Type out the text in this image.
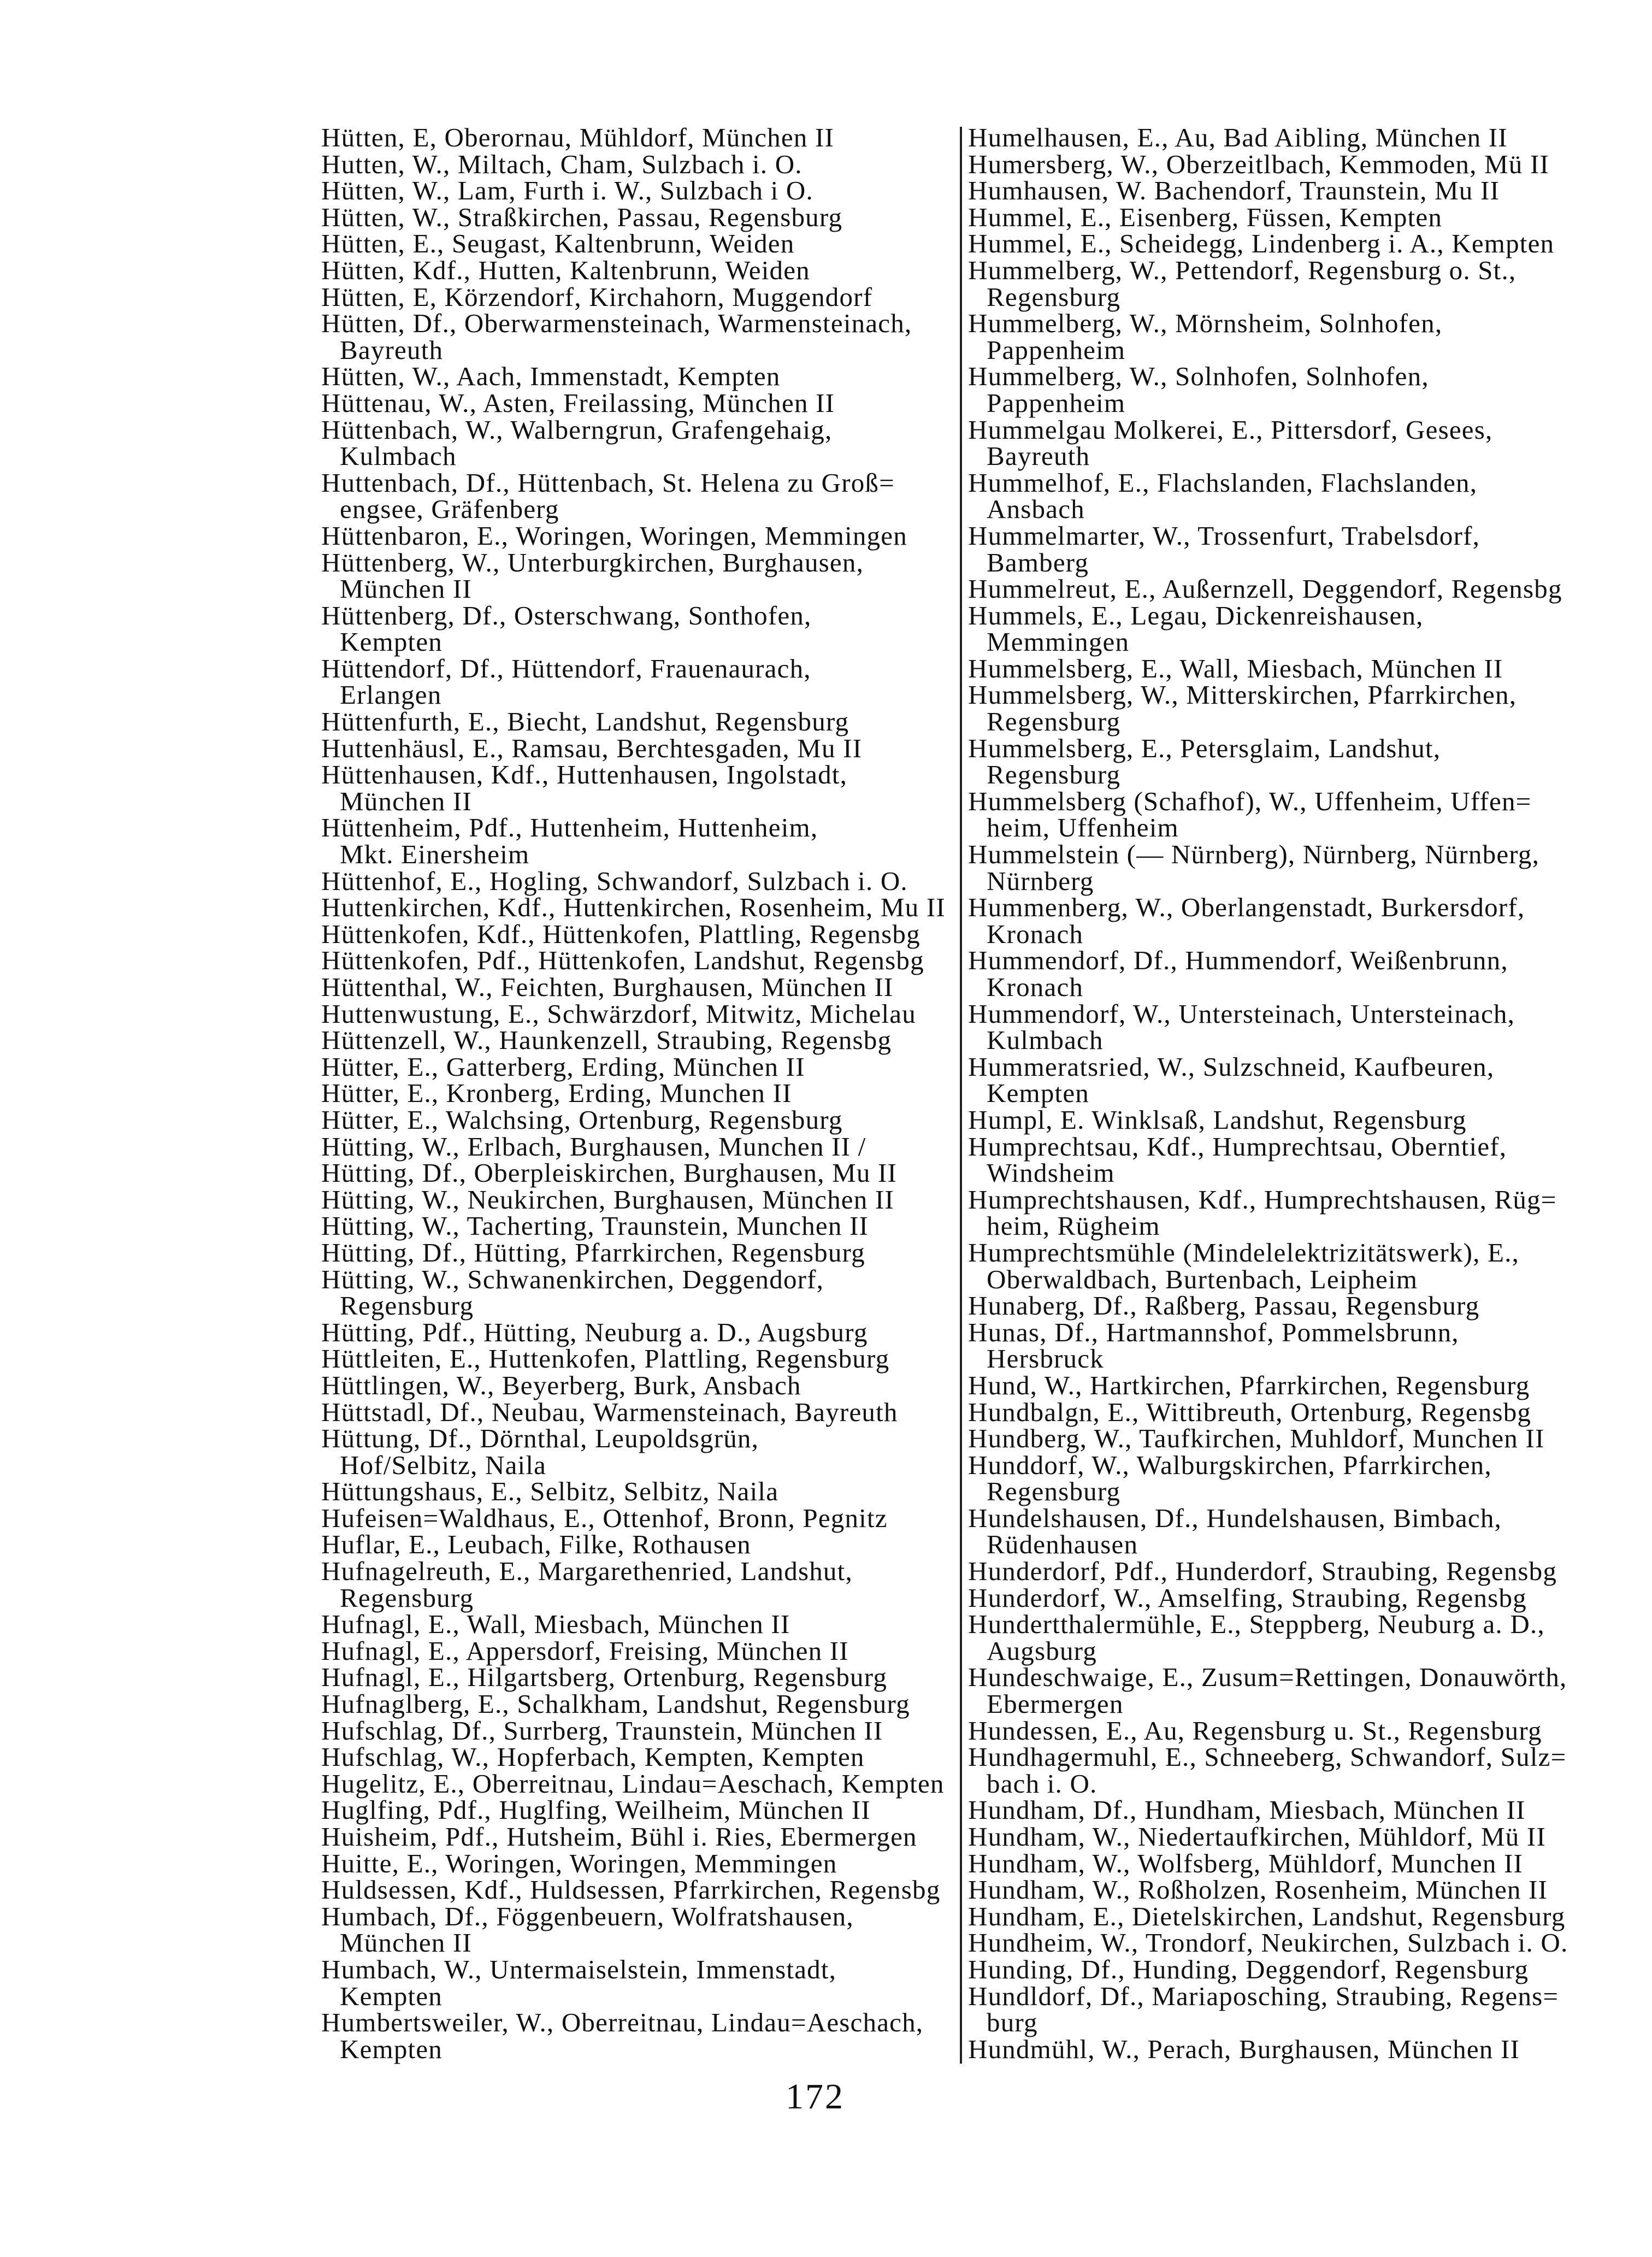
Hütten, E, Oberornau, Mühldorf, München II
Hutten, W., Miltach, Cham, Sulzbach i. O.
Hütten, W., Lam, Furth i. W., Sulzbach i O.
Hütten, W., Straßkirchen, Passau, Regensburg
Hütten, E., Seugast, Kaltenbrunn, Weiden
Hütten, Kdf., Hutten, Kaltenbrunn, Weiden
Hütten, E, Körzendorf, Kirchahorn, Muggendorf
Hütten, Df., Oberwarmensteinach, Warmensteinach,
Bayreuth
Hütten, W., Aach, Immenstadt, Kempten
Hüttenau, W., Asten, Freilassing, München II
Hüttenbach, W., Walberngrun, Grafengehaig,
Kulmbach
Huttenbach, Df., Hüttenbach, St. Helena zu Groß=
engsee, Gräfenberg
Hüttenbaron, E., Woringen, Woringen, Memmingen
Hüttenberg, W., Unterburgkirchen, Burghausen,
München II
Hüttenberg, Df., Osterschwang, Sonthofen,
Kempten
Hüttendorf, Df., Hüttendorf, Frauenaurach,
Erlangen
Hüttenfurth, E., Biecht, Landshut, Regensburg
Huttenhäusl, E., Ramsau, Berchtesgaden, Mu II
Hüttenhausen, Kdf., Huttenhausen, Ingolstadt,
München II
Hüttenheim, Pdf., Huttenheim, Huttenheim,
Mkt. Einersheim
Hüttenhof, E., Hogling, Schwandorf, Sulzbach i. O.
Huttenkirchen, Kdf., Huttenkirchen, Rosenheim, Mu II
Hüttenkofen, Kdf., Hüttenkofen, Plattling, Regensbg
Hüttenkofen, Pdf., Hüttenkofen, Landshut, Regensbg
Hüttenthal, W., Feichten, Burghausen, München II
Huttenwustung, E., Schwärzdorf, Mitwitz, Michelau
Hüttenzell, W., Haunkenzell, Straubing, Regensbg
Hütter, E., Gatterberg, Erding, München II
Hütter, E., Kronberg, Erding, Munchen II
Hütter, E., Walchsing, Ortenburg, Regensburg
Hütting, W., Erlbach, Burghausen, Munchen II /
Hütting, Df., Oberpleiskirchen, Burghausen, Mu II
Hütting, W., Neukirchen, Burghausen, München II
Hütting, W., Tacherting, Traunstein, Munchen II
Hütting, Df., Hütting, Pfarrkirchen, Regensburg
Hütting, W., Schwanenkirchen, Deggendorf,
Regensburg
Hütting, Pdf., Hütting, Neuburg a. D., Augsburg
Hüttleiten, E., Huttenkofen, Plattling, Regensburg
Hüttlingen, W., Beyerberg, Burk, Ansbach
Hüttstadl, Df., Neubau, Warmensteinach, Bayreuth
Hüttung, Df., Dörnthal, Leupoldsgrün,
Hof/Selbitz, Naila
Hüttungshaus, E., Selbitz, Selbitz, Naila
Hufeisen=Waldhaus, E., Ottenhof, Bronn, Pegnitz
Huflar, E., Leubach, Filke, Rothausen
Hufnagelreuth, E., Margarethenried, Landshut,
Regensburg
Hufnagl, E., Wall, Miesbach, München II
Hufnagl, E., Appersdorf, Freising, München II
Hufnagl, E., Hilgartsberg, Ortenburg, Regensburg
Hufnaglberg, E., Schalkham, Landshut, Regensburg
Hufschlag, Df., Surrberg, Traunstein, München II
Hufschlag, W., Hopferbach, Kempten, Kempten
Hugelitz, E., Oberreitnau, Lindau=Aeschach, Kempten
Huglfing, Pdf., Huglfing, Weilheim, München II
Huisheim, Pdf., Hutsheim, Bühl i. Ries, Ebermergen
Huitte, E., Woringen, Woringen, Memmingen
Huldsessen, Kdf., Huldsessen, Pfarrkirchen, Regensbg
Humbach, Df., Föggenbeuern, Wolfratshausen,
München II
Humbach, W., Untermaiselstein, Immenstadt,
Kempten
Humbertsweiler, W., Oberreitnau, Lindau=Aeschach,
Kempten
Humelhausen, E., Au, Bad Aibling, München II
Humersberg, W., Oberzeitlbach, Kemmoden, Mü II
Humhausen, W. Bachendorf, Traunstein, Mu II
Hummel, E., Eisenberg, Füssen, Kempten
Hummel, E., Scheidegg, Lindenberg i. A., Kempten
Hummelberg, W., Pettendorf, Regensburg o. St.,
Regensburg
Hummelberg, W., Mörnsheim, Solnhofen,
Pappenheim
Hummelberg, W., Solnhofen, Solnhofen,
Pappenheim
Hummelgau Molkerei, E., Pittersdorf, Gesees,
Bayreuth
Hummelhof, E., Flachslanden, Flachslanden,
Ansbach
Hummelmarter, W., Trossenfurt, Trabelsdorf,
Bamberg
Hummelreut, E., Außernzell, Deggendorf, Regensbg
Hummels, E., Legau, Dickenreishausen,
Memmingen
Hummelsberg, E., Wall, Miesbach, München II
Hummelsberg, W., Mitterskirchen, Pfarrkirchen,
Regensburg
Hummelsberg, E., Petersglaim, Landshut,
Regensburg
Hummelsberg (Schafhof), W., Uffenheim, Uffen=
heim, Uffenheim
Hummelstein (— Nürnberg), Nürnberg, Nürnberg,
Nürnberg
Hummenberg, W., Oberlangenstadt, Burkersdorf,
Kronach
Hummendorf, Df., Hummendorf, Weißenbrunn,
Kronach
Hummendorf, W., Untersteinach, Untersteinach,
Kulmbach
Hummeratsried, W., Sulzschneid, Kaufbeuren,
Kempten
Humpl, E. Winklsaß, Landshut, Regensburg
Humprechtsau, Kdf., Humprechtsau, Oberntief,
Windsheim
Humprechtshausen, Kdf., Humprechtshausen, Rüg=
heim, Rügheim
Humprechtsmühle (Mindelelektrizitätswerk), E.,
Oberwaldbach, Burtenbach, Leipheim
Hunaberg, Df., Raßberg, Passau, Regensburg
Hunas, Df., Hartmannshof, Pommelsbrunn,
Hersbruck
Hund, W., Hartkirchen, Pfarrkirchen, Regensburg
Hundbalgn, E., Wittibreuth, Ortenburg, Regensbg
Hundberg, W., Taufkirchen, Muhldorf, Munchen II
Hunddorf, W., Walburgskirchen, Pfarrkirchen,
Regensburg
Hundelshausen, Df., Hundelshausen, Bimbach,
Rüdenhausen
Hunderdorf, Pdf., Hunderdorf, Straubing, Regensbg
Hunderdorf, W., Amselfing, Straubing, Regensbg
Hundertthalermühle, E., Steppberg, Neuburg a. D.,
Augsburg
Hundeschwaige, E., Zusum=Rettingen, Donauwörth,
Ebermergen
Hundessen, E., Au, Regensburg u. St., Regensburg
Hundhagermuhl, E., Schneeberg, Schwandorf, Sulz=
bach i. O.
Hundham, Df., Hundham, Miesbach, München II
Hundham, W., Niedertaufkirchen, Mühldorf, Mü II
Hundham, W., Wolfsberg, Mühldorf, Munchen II
Hundham, W., Roßholzen, Rosenheim, München II
Hundham, E., Dietelskirchen, Landshut, Regensburg
Hundheim, W., Trondorf, Neukirchen, Sulzbach i. O.
Hunding, Df., Hunding, Deggendorf, Regensburg
Hundldorf, Df., Mariaposching, Straubing, Regens=
burg
Hundmühl, W., Perach, Burghausen, München II
172
